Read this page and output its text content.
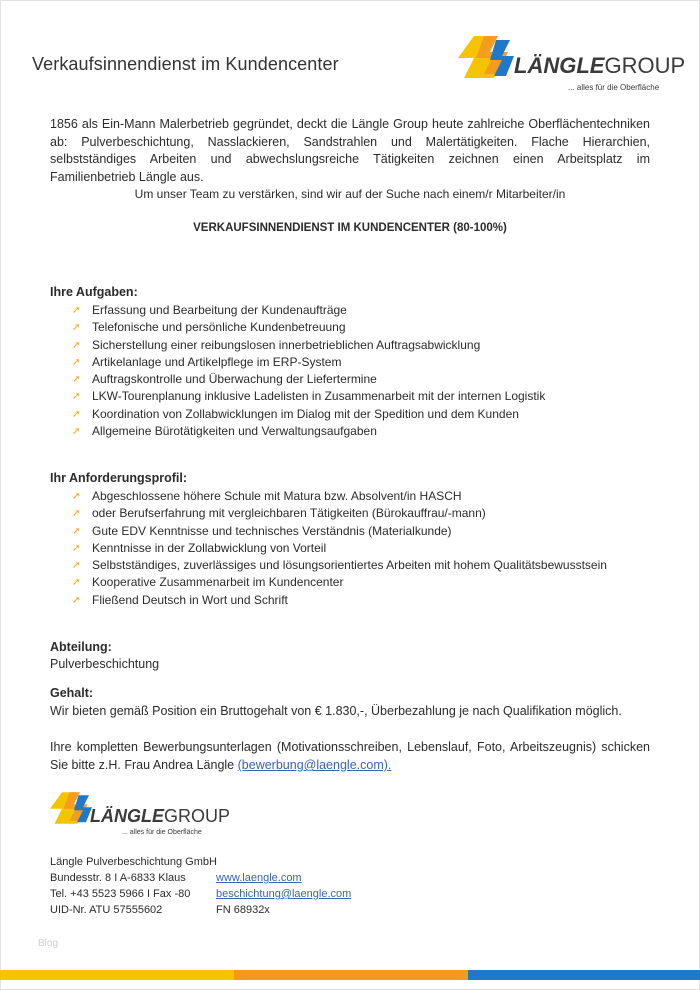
Verkaufsinnendienst im Kundencenter	LÄNGLEGROUP
... alles für die Oberfläche
1856 als Ein-Mann Malerbetrieb gegründet, deckt die Längle Group heute zahlreiche Oberflächentechniken ab: Pulverbeschichtung, Nasslackieren, Sandstrahlen und Malertätigkeiten. Flache Hierarchien, selbstständiges Arbeiten und abwechslungsreiche Tätigkeiten zeichnen einen Arbeitsplatz im Familienbetrieb Längle aus.
Um unser Team zu verstärken, sind wir auf der Suche nach einem/r Mitarbeiter/in
VERKAUFSINNENDIENST IM KUNDENCENTER (80-100%)
Ihre Aufgaben:
➚ Erfassung und Bearbeitung der Kundenaufträge
➚ Telefonische und persönliche Kundenbetreuung
➚ Sicherstellung einer reibungslosen innerbetrieblichen Auftragsabwicklung
➚ Artikelanlage und Artikelpflege im ERP-System
➚ Auftragskontrolle und Überwachung der Liefertermine
➚ LKW-Tourenplanung inklusive Ladelisten in Zusammenarbeit mit der internen Logistik
➚ Koordination von Zollabwicklungen im Dialog mit der Spedition und dem Kunden
➚ Allgemeine Bürotätigkeiten und Verwaltungsaufgaben
Ihr Anforderungsprofil:
➚ Abgeschlossene höhere Schule mit Matura bzw. Absolvent/in HASCH
➚ oder Berufserfahrung mit vergleichbaren Tätigkeiten (Bürokauffrau/-mann)
➚ Gute EDV Kenntnisse und technisches Verständnis (Materialkunde)
➚ Kenntnisse in der Zollabwicklung von Vorteil
➚ Selbstständiges, zuverlässiges und lösungsorientiertes Arbeiten mit hohem Qualitätsbewusstsein
➚ Kooperative Zusammenarbeit im Kundencenter
➚ Fließend Deutsch in Wort und Schrift
Abteilung:
Pulverbeschichtung
Gehalt:
Wir bieten gemäß Position ein Bruttogehalt von € 1.830,-, Überbezahlung je nach Qualifikation möglich.
Ihre kompletten Bewerbungsunterlagen (Motivationsschreiben, Lebenslauf, Foto, Arbeitszeugnis) schicken Sie bitte z.H. Frau Andrea Längle (bewerbung@laengle.com).
LÄNGLEGROUP
... alles für die Oberfläche
Längle Pulverbeschichtung GmbH
Bundesstr. 8 I A-6833 Klaus	www.laengle.com
Tel. +43 5523 5966 I Fax -80 beschichtung@laengle.com
UID-Nr. ATU 57555602	FN 68932x
Blog
